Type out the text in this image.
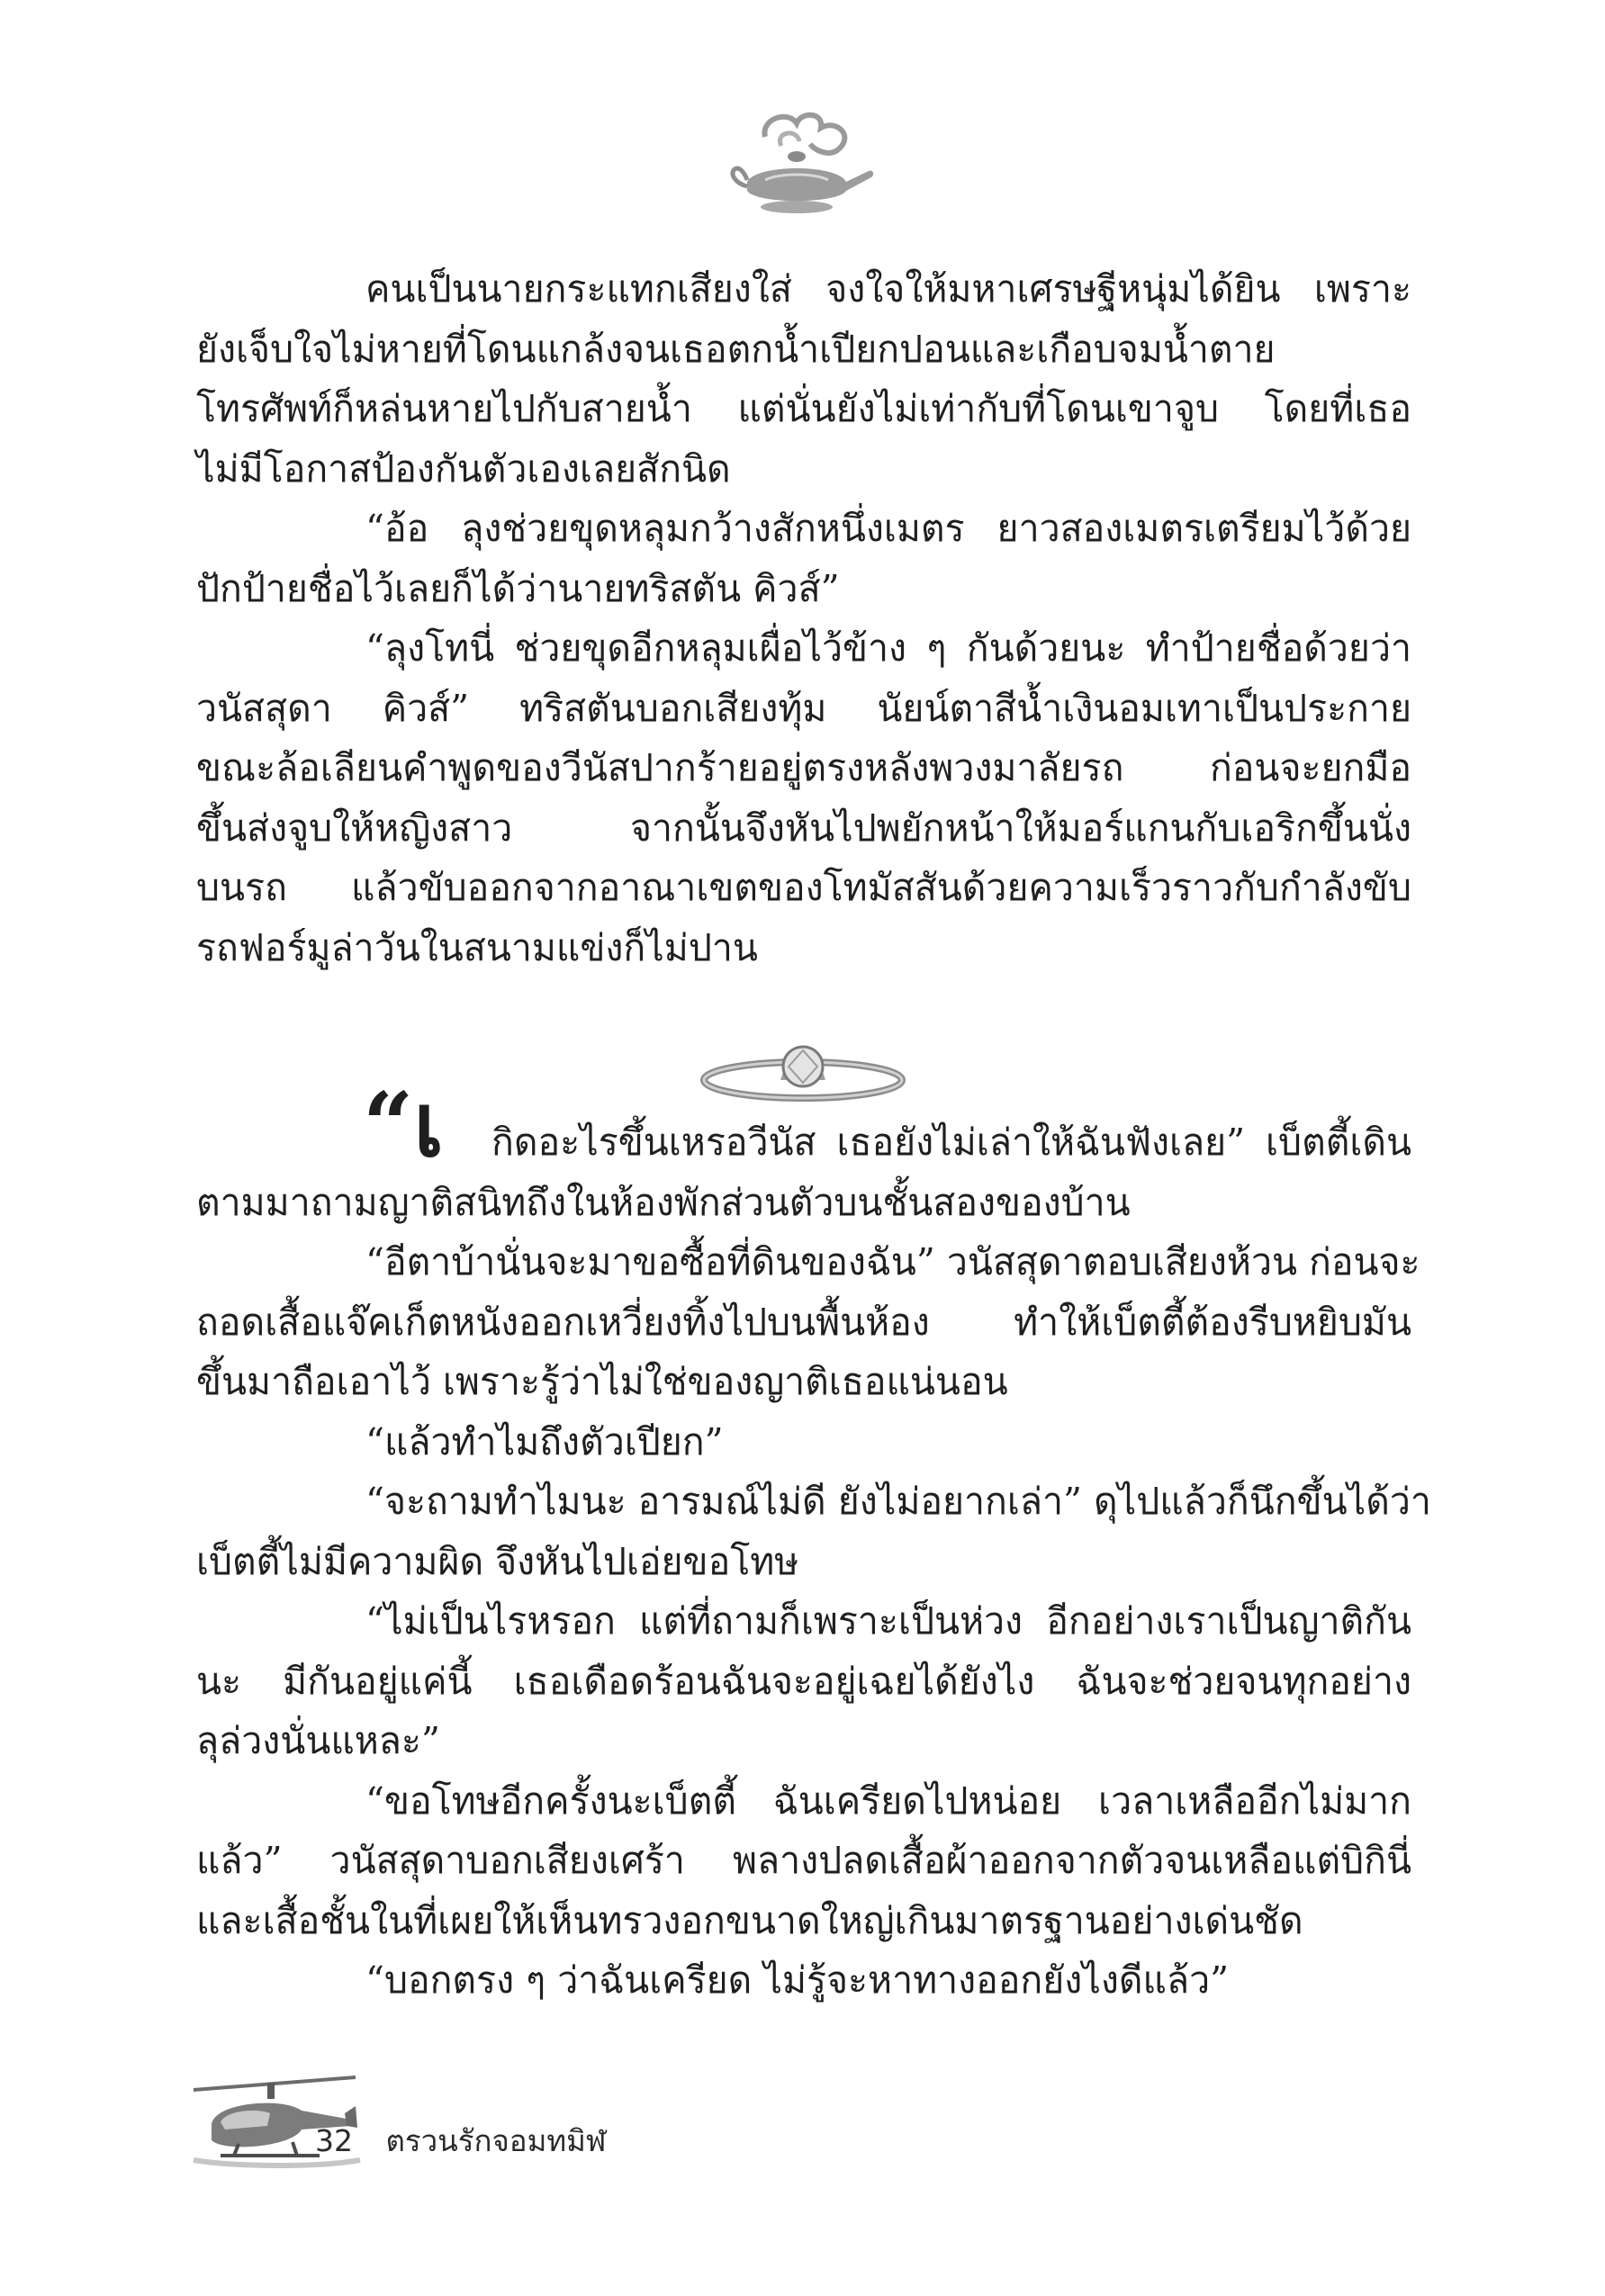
คนเป็นนายกระแทกเสียงใส่ จงใจให้มหาเศรษฐีหนุ่มได้ยิน เพราะ
ยังเจ็บใจไม่หายที่โดนแกล้งจนเธอตกน้ำเปียกปอนและเกือบจมน้ำตาย
โทรศัพท์ก็หล่นหายไปกับสายน้ำ แต่นั่นยังไม่เท่ากับที่โดนเขาจูบ โดยที่เธอ
ไม่มีโอกาสป้องกันตัวเองเลยสักนิด
“อ้อ ลุงช่วยขุดหลุมกว้างสักหนึ่งเมตร ยาวสองเมตรเตรียมไว้ด้วย
ปักป้ายชื่อไว้เลยก็ได้ว่านายทริสตัน คิวส์”
“ลุงโทนี่ ช่วยขุดอีกหลุมเผื่อไว้ข้าง ๆ กันด้วยนะ ทำป้ายชื่อด้วยว่า
วนัสสุดา คิวส์” ทริสตันบอกเสียงทุ้ม นัยน์ตาสีน้ำเงินอมเทาเป็นประกาย
ขณะล้อเลียนคำพูดของวีนัสปากร้ายอยู่ตรงหลังพวงมาลัยรถ ก่อนจะยกมือ
ขึ้นส่งจูบให้หญิงสาว จากนั้นจึงหันไปพยักหน้าให้มอร์แกนกับเอริกขึ้นนั่ง
บนรถ แล้วขับออกจากอาณาเขตของโทมัสสันด้วยความเร็วราวกับกำลังขับ
รถฟอร์มูล่าวันในสนามแข่งก็ไม่ปาน
“เ	กิดอะไรขึ้นเหรอวีนัส เธอยังไม่เล่าให้ฉันฟังเลย” เบ็ตตี้เดิน
ตามมาถามญาติสนิทถึงในห้องพักส่วนตัวบนชั้นสองของบ้าน
“อีตาบ้านั่นจะมาขอซื้อที่ดินของฉัน” วนัสสุดาตอบเสียงห้วน ก่อนจะ
ถอดเสื้อแจ๊คเก็ตหนังออกเหวี่ยงทิ้งไปบนพื้นห้อง ทำให้เบ็ตตี้ต้องรีบหยิบมัน
ขึ้นมาถือเอาไว้ เพราะรู้ว่าไม่ใช่ของญาติเธอแน่นอน
“แล้วทำไมถึงตัวเปียก”
“จะถามทำไมนะ อารมณ์ไม่ดี ยังไม่อยากเล่า” ดุไปแล้วก็นึกขึ้นได้ว่า
เบ็ตตี้ไม่มีความผิด จึงหันไปเอ่ยขอโทษ
“ไม่เป็นไรหรอก แต่ที่ถามก็เพราะเป็นห่วง อีกอย่างเราเป็นญาติกัน
นะ มีกันอยู่แค่นี้ เธอเดือดร้อนฉันจะอยู่เฉยได้ยังไง ฉันจะช่วยจนทุกอย่าง
ลุล่วงนั่นแหละ”
“ขอโทษอีกครั้งนะเบ็ตตี้ ฉันเครียดไปหน่อย เวลาเหลืออีกไม่มาก
แล้ว” วนัสสุดาบอกเสียงเศร้า พลางปลดเสื้อผ้าออกจากตัวจนเหลือแต่บิกินี่
และเสื้อชั้นในที่เผยให้เห็นทรวงอกขนาดใหญ่เกินมาตรฐานอย่างเด่นชัด
“บอกตรง ๆ ว่าฉันเครียด ไม่รู้จะหาทางออกยังไงดีแล้ว”
32 ตรวนรักจอมทมิฬ
